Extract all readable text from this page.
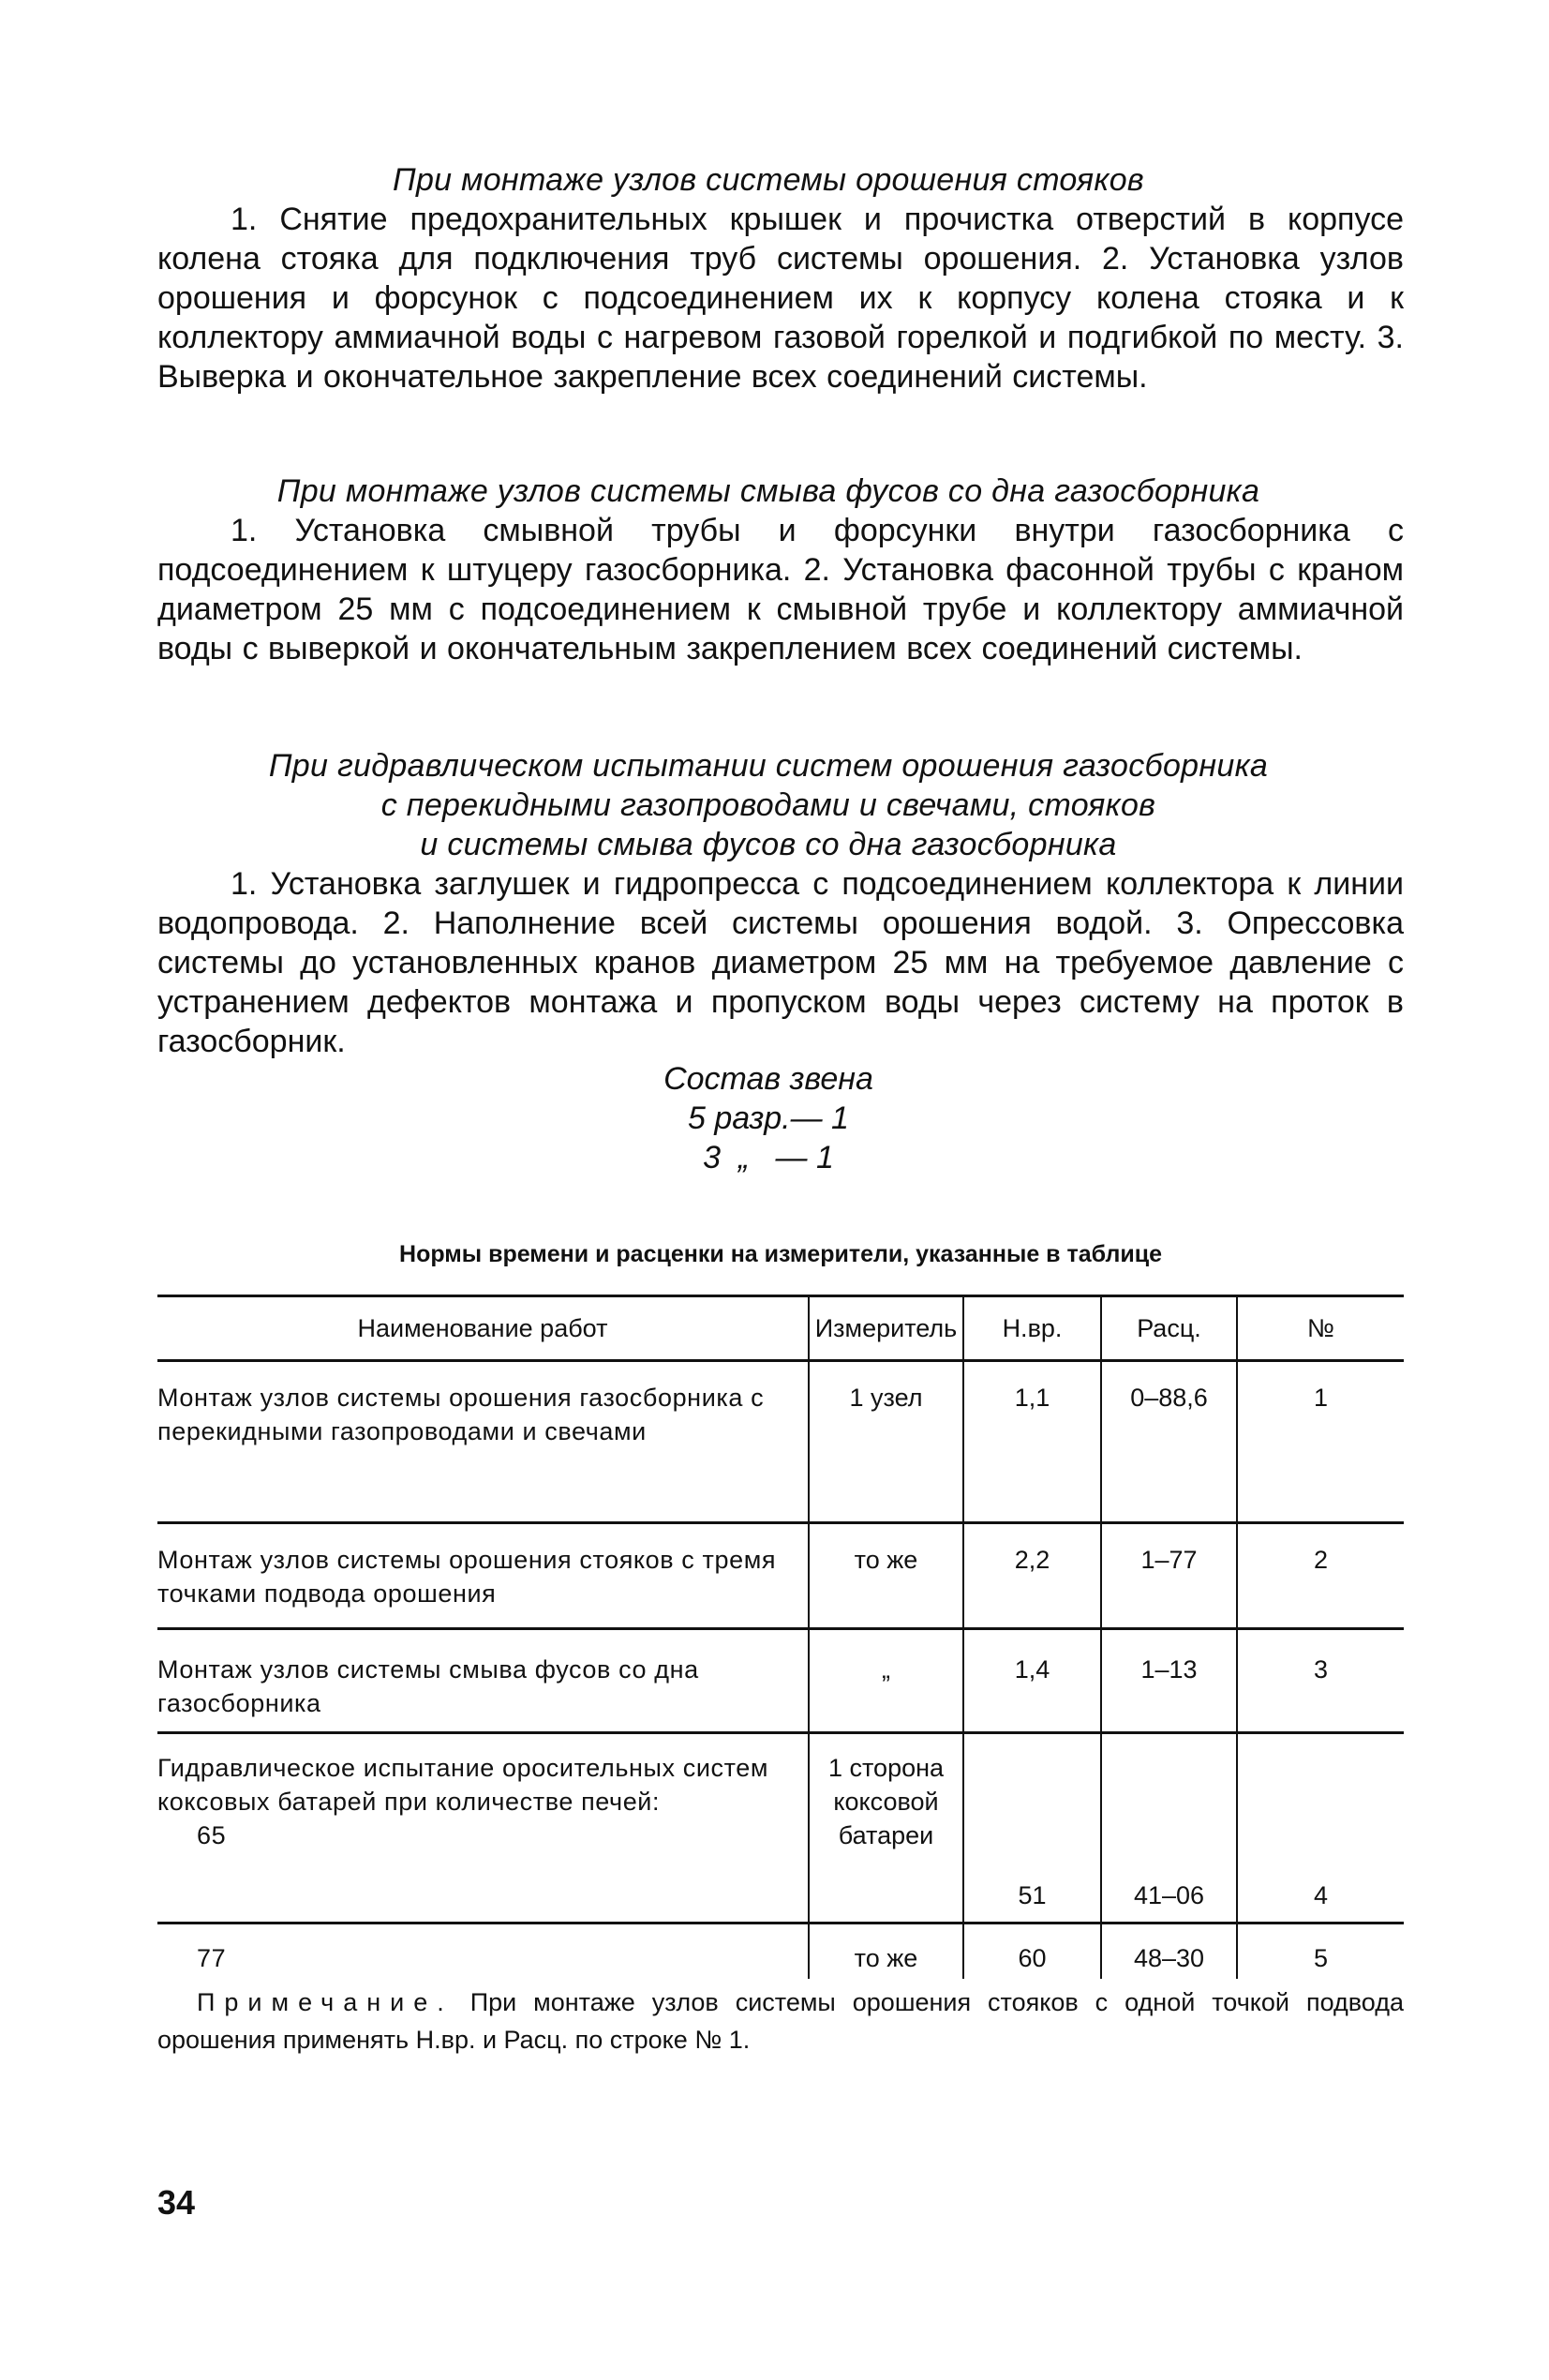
При монтаже узлов системы орошения стояков

1. Снятие предохранительных крышек и прочистка отверстий в корпусе колена стояка для подключения труб системы орошения. 2. Установка узлов орошения и форсунок с подсоединением их к корпусу колена стояка и к коллектору аммиачной воды с нагревом газовой горелкой и подгибкой по месту. 3. Выверка и окончательное закрепление всех соединений системы.

При монтаже узлов системы смыва фусов со дна газосборника

1. Установка смывной трубы и форсунки внутри газосборника с подсоединением к штуцеру газосборника. 2. Установка фасонной трубы с краном диаметром 25 мм с подсоединением к смывной трубе и коллектору аммиачной воды с выверкой и окончательным закреплением всех соединений системы.

При гидравлическом испытании систем орошения газосборника
с перекидными газопроводами и свечами, стояков
и системы смыва фусов со дна газосборника

1. Установка заглушек и гидропресса с подсоединением коллектора к линии водопровода. 2. Наполнение всей системы орошения водой. 3. Опрессовка системы до установленных кранов диаметром 25 мм на требуемое давление с устранением дефектов монтажа и пропуском воды через систему на проток в газосборник.

Состав звена
5 разр.— 1
3  „   — 1
Нормы времени и расценки на измерители, указанные в таблице
Наименование работ	Измеритель	Н.вр.	Расц.	№
Монтаж узлов системы орошения газосборника с перекидными газопроводами и свечами	1 узел	1,1	0–88,6	1
Монтаж узлов системы орошения стояков с тремя точками подвода орошения	то же	2,2	1–77	2
Монтаж узлов системы смыва фусов со дна газосборника	„	1,4	1–13	3

Гидравлическое испытание оросительных систем коксовых батарей при количестве печей:
65	1 сторона коксовой батареи	51	41–06	4
77	то же	60	48–30	5
Примечание. При монтаже узлов системы орошения стояков с одной точкой подвода орошения применять Н.вр. и Расц. по строке № 1.
34
